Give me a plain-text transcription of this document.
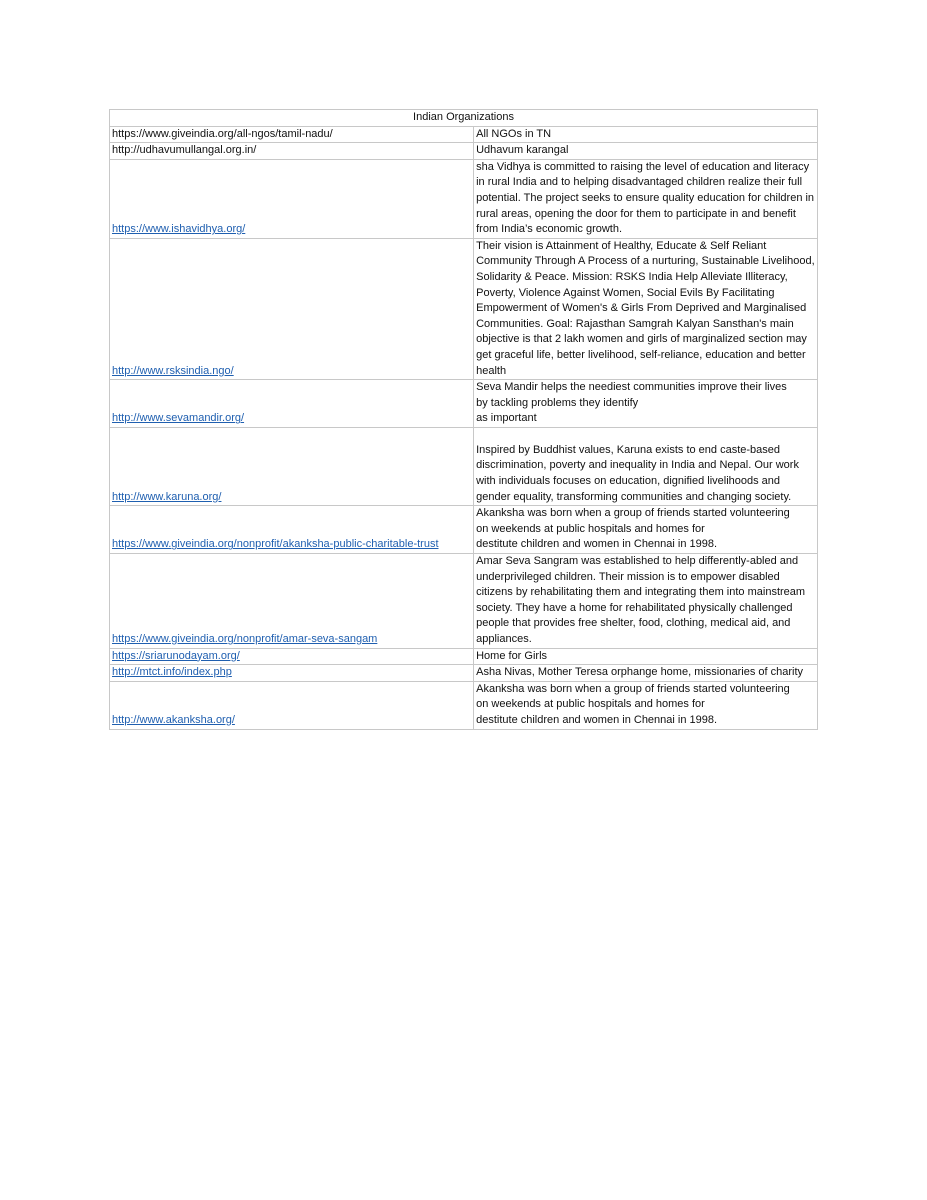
Indian Organizations	
https://www.giveindia.org/all-ngos/tamil-nadu/	All NGOs in TN
http://udhavumullangal.org.in/	Udhavum karangal
https://www.ishavidhya.org/	sha Vidhya is committed to raising the level of education and literacy in rural India and to helping disadvantaged children realize their full potential. The project seeks to ensure quality education for children in rural areas, opening the door for them to participate in and benefit from India’s economic growth.
http://www.rsksindia.ngo/	Their vision is Attainment of Healthy, Educate & Self Reliant Community Through A Process of a nurturing, Sustainable Livelihood, Solidarity & Peace. Mission: RSKS India Help Alleviate Illiteracy, Poverty, Violence Against Women, Social Evils By Facilitating Empowerment of Women's & Girls From Deprived and Marginalised Communities. Goal: Rajasthan Samgrah Kalyan Sansthan's main objective is that 2 lakh women and girls of marginalized section may get graceful life, better livelihood, self-reliance, education and better health
http://www.sevamandir.org/	Seva Mandir helps the neediest communities improve their lives
by tackling problems they identify
as important

http://www.karuna.org/	Inspired by Buddhist values, Karuna exists to end caste-based discrimination, poverty and inequality in India and Nepal. Our work with individuals focuses on education, dignified livelihoods and gender equality, transforming communities and changing society.
https://www.giveindia.org/nonprofit/akanksha-public-charitable-trust	Akanksha was born when a group of friends started volunteering
on weekends at public hospitals and homes for
destitute children and women in Chennai in 1998.

https://www.giveindia.org/nonprofit/amar-seva-sangam	Amar Seva Sangram was established to help differently-abled and underprivileged children. Their mission is to empower disabled citizens by rehabilitating them and integrating them into mainstream society. They have a home for rehabilitated physically challenged people that provides free shelter, food, clothing, medical aid, and appliances.
https://sriarunodayam.org/	Home for Girls
http://mtct.info/index.php	Asha Nivas, Mother Teresa orphange home, missionaries of charity
http://www.akanksha.org/	Akanksha was born when a group of friends started volunteering
on weekends at public hospitals and homes for
destitute children and women in Chennai in 1998.
